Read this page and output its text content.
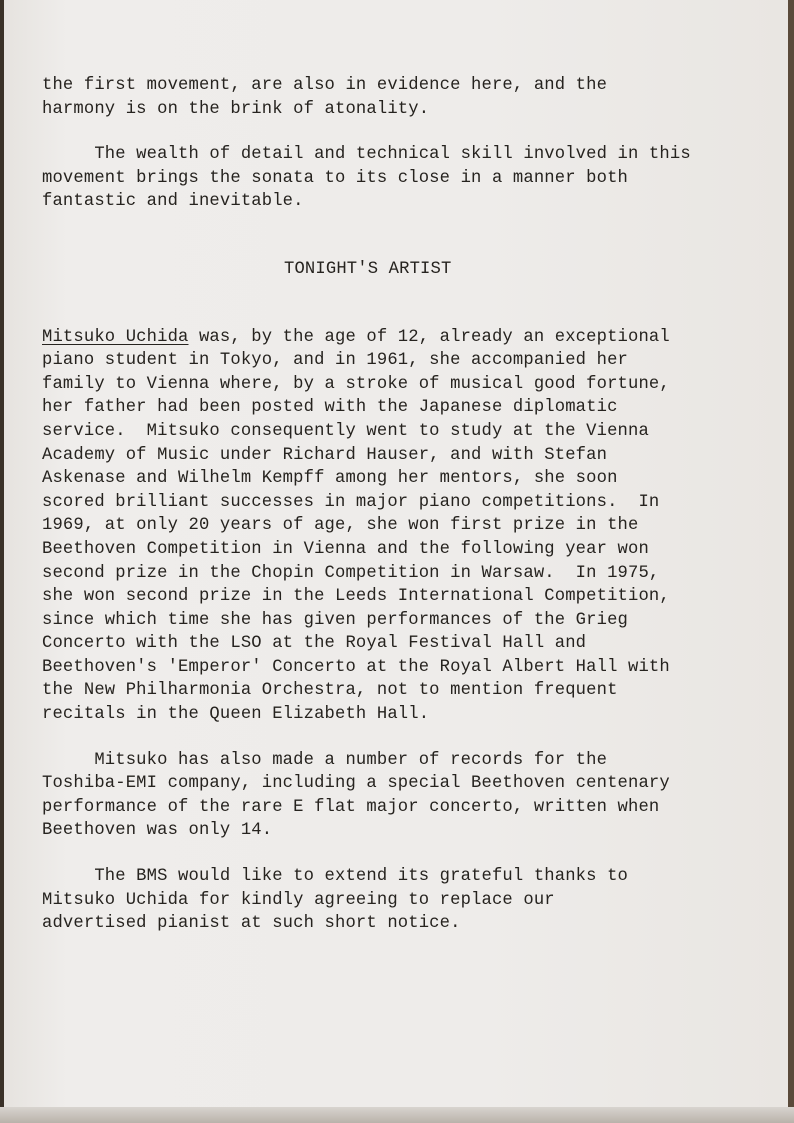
the first movement, are also in evidence here, and the
harmony is on the brink of atonality.
The wealth of detail and technical skill involved in this
movement brings the sonata to its close in a manner both
fantastic and inevitable.
TONIGHT'S ARTIST
Mitsuko Uchida was, by the age of 12, already an exceptional
piano student in Tokyo, and in 1961, she accompanied her
family to Vienna where, by a stroke of musical good fortune,
her father had been posted with the Japanese diplomatic
service.  Mitsuko consequently went to study at the Vienna
Academy of Music under Richard Hauser, and with Stefan
Askenase and Wilhelm Kempff among her mentors, she soon
scored brilliant successes in major piano competitions.  In
1969, at only 20 years of age, she won first prize in the
Beethoven Competition in Vienna and the following year won
second prize in the Chopin Competition in Warsaw.  In 1975,
she won second prize in the Leeds International Competition,
since which time she has given performances of the Grieg
Concerto with the LSO at the Royal Festival Hall and
Beethoven's 'Emperor' Concerto at the Royal Albert Hall with
the New Philharmonia Orchestra, not to mention frequent
recitals in the Queen Elizabeth Hall.
Mitsuko has also made a number of records for the
Toshiba-EMI company, including a special Beethoven centenary
performance of the rare E flat major concerto, written when
Beethoven was only 14.
The BMS would like to extend its grateful thanks to
Mitsuko Uchida for kindly agreeing to replace our
advertised pianist at such short notice.
